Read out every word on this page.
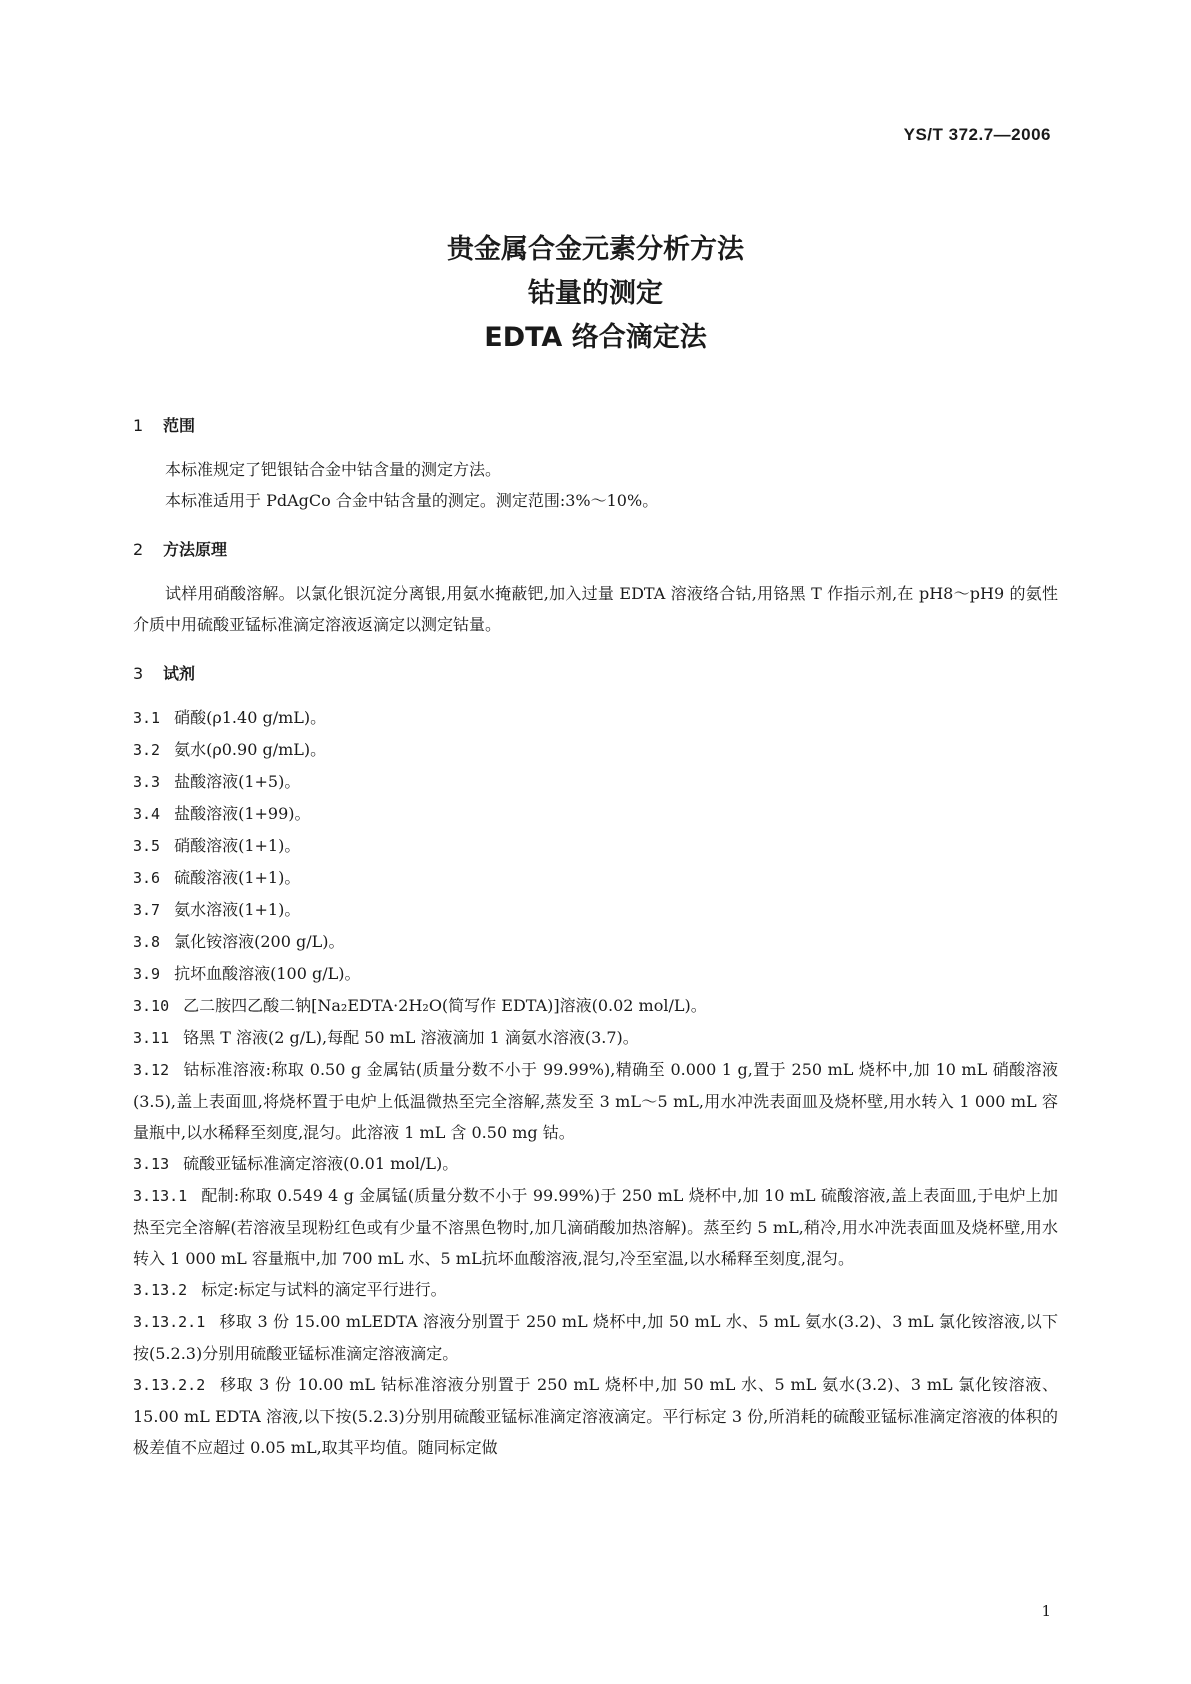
YS/T 372.7—2006
贵金属合金元素分析方法
钴量的测定
EDTA 络合滴定法
1 范围

本标准规定了钯银钴合金中钴含量的测定方法。

本标准适用于 PdAgCo 合金中钴含量的测定。测定范围:3%～10%。

2 方法原理

试样用硝酸溶解。以氯化银沉淀分离银,用氨水掩蔽钯,加入过量 EDTA 溶液络合钴,用铬黑 T 作指示剂,在 pH8～pH9 的氨性介质中用硫酸亚锰标准滴定溶液返滴定以测定钴量。

3 试剂

3.1 硝酸(ρ1.40 g/mL)。

3.2 氨水(ρ0.90 g/mL)。

3.3 盐酸溶液(1+5)。

3.4 盐酸溶液(1+99)。

3.5 硝酸溶液(1+1)。

3.6 硫酸溶液(1+1)。

3.7 氨水溶液(1+1)。

3.8 氯化铵溶液(200 g/L)。

3.9 抗坏血酸溶液(100 g/L)。

3.10 乙二胺四乙酸二钠[Na₂EDTA·2H₂O(简写作 EDTA)]溶液(0.02 mol/L)。

3.11 铬黑 T 溶液(2 g/L),每配 50 mL 溶液滴加 1 滴氨水溶液(3.7)。

3.12 钴标准溶液:称取 0.50 g 金属钴(质量分数不小于 99.99%),精确至 0.000 1 g,置于 250 mL 烧杯中,加 10 mL 硝酸溶液(3.5),盖上表面皿,将烧杯置于电炉上低温微热至完全溶解,蒸发至 3 mL～5 mL,用水冲洗表面皿及烧杯壁,用水转入 1 000 mL 容量瓶中,以水稀释至刻度,混匀。此溶液 1 mL 含 0.50 mg 钴。

3.13 硫酸亚锰标准滴定溶液(0.01 mol/L)。

3.13.1 配制:称取 0.549 4 g 金属锰(质量分数不小于 99.99%)于 250 mL 烧杯中,加 10 mL 硫酸溶液,盖上表面皿,于电炉上加热至完全溶解(若溶液呈现粉红色或有少量不溶黑色物时,加几滴硝酸加热溶解)。蒸至约 5 mL,稍冷,用水冲洗表面皿及烧杯壁,用水转入 1 000 mL 容量瓶中,加 700 mL 水、5 mL抗坏血酸溶液,混匀,冷至室温,以水稀释至刻度,混匀。

3.13.2 标定:标定与试料的滴定平行进行。

3.13.2.1 移取 3 份 15.00 mLEDTA 溶液分别置于 250 mL 烧杯中,加 50 mL 水、5 mL 氨水(3.2)、3 mL 氯化铵溶液,以下按(5.2.3)分别用硫酸亚锰标准滴定溶液滴定。

3.13.2.2 移取 3 份 10.00 mL 钴标准溶液分别置于 250 mL 烧杯中,加 50 mL 水、5 mL 氨水(3.2)、3 mL 氯化铵溶液、15.00 mL EDTA 溶液,以下按(5.2.3)分别用硫酸亚锰标准滴定溶液滴定。平行标定 3 份,所消耗的硫酸亚锰标准滴定溶液的体积的极差值不应超过 0.05 mL,取其平均值。随同标定做

1
